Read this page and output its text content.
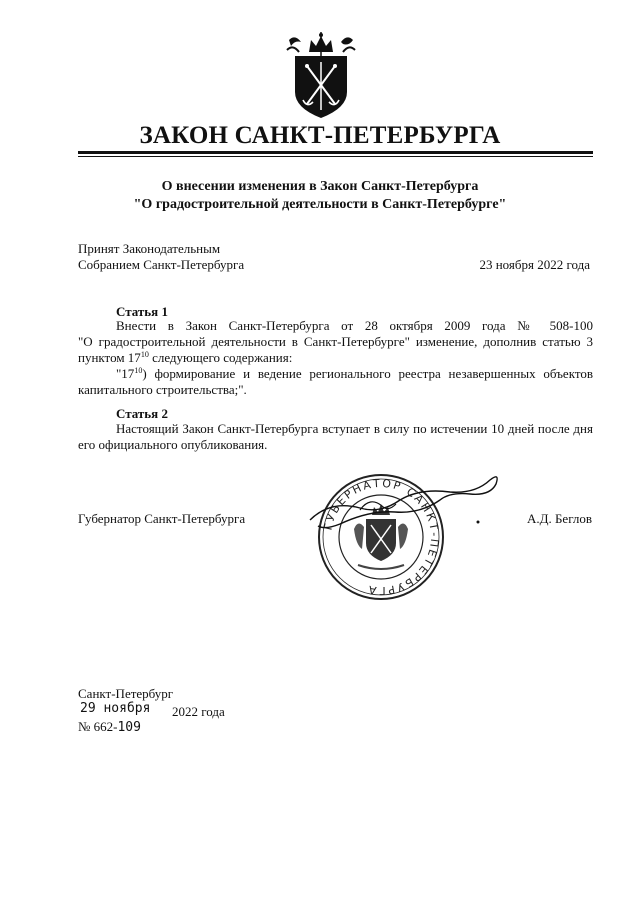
ЗАКОН САНКТ-ПЕТЕРБУРГА
О внесении изменения в Закон Санкт-Петербурга
"О градостроительной деятельности в Санкт-Петербурге"
Принят Законодательным
Собранием Санкт-Петербурга	23 ноября 2022 года
Статья 1
Внести в Закон Санкт-Петербурга от 28 октября 2009 года № 508-100
"О градостроительной деятельности в Санкт-Петербурге" изменение, дополнив статью 3
пунктом $17^{10}$ следующего содержания:
"$17^{10}$) формирование и ведение регионального реестра незавершенных объектов
капитального строительства;".
Статья 2
Настоящий Закон Санкт-Петербурга вступает в силу по истечении 10 дней после дня
его официального опубликования.
Губернатор Санкт-Петербурга	А.Д. Беглов
ГУБЕРНАТОР САНКТ-ПЕТЕРБУРГА
Санкт-Петербург
29 ноября 2022 года
№ 662-109
